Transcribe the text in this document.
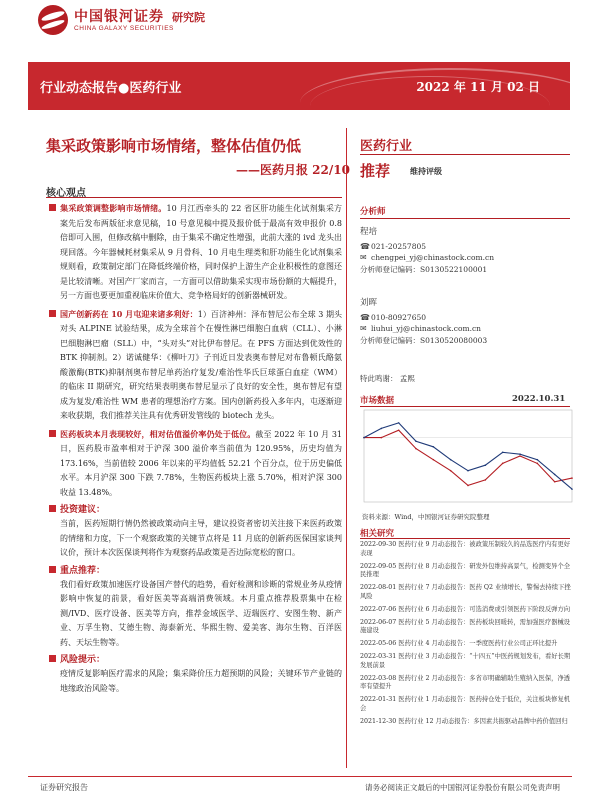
中国银河证券
CHINA GALAXY SECURITIES
研究院
行业动态报告●医药行业	2022 年 11 月 02 日
集采政策影响市场情绪，整体估值仍低
——医药月报 22/10
核心观点

集采政策调整影响市场情绪。10 月江西牵头的 22 省区肝功能生化试剂集采方案先后发布两版征求意见稿，10 号意见稿中提及报价低于最高有效申报价 0.8 倍即可入围，但修改稿中删除，由于集采不确定性增强，此前大涨的 ivd 龙头出现回落。今年器械耗材集采从 9 月骨科、10 月电生理类和肝功能生化试剂集采规则看，政策制定部门在降低终端价格，同时保护上游生产企业积极性的意图还是比较清晰。对国产厂家而言，一方面可以借助集采实现市场份额的大幅提升，另一方面也要更加重视临床价值大、竞争格局好的创新器械研发。

国产创新药在 10 月屯迎来诸多利好：1）百济神州：泽布替尼公布全球 3 期头对头 ALPINE 试验结果，成为全球首个在慢性淋巴细胞白血病（CLL）、小淋巴细胞淋巴瘤（SLL）中，“头对头”对比伊布替尼。在 PFS 方面达到优效性的 BTK 抑制剂。2）诺诚健华：《柳叶刀》子刊近日发表奥布替尼对布鲁顿氏酪氨酸激酶(BTK)抑制剂奥布替尼单药治疗复发/难治性华氏巨球蛋白血症（WM）的临床 II 期研究，研究结果表明奥布替尼显示了良好的安全性，奥布替尼有望成为复发/难治性 WM 患者的理想治疗方案。国内创新药投入多年内，屯逐渐迎来收获期，我们推荐关注具有优秀研发管线的 biotech 龙头。

医药板块本月表现较好，相对估值溢价率仍处于低位。截至 2022 年 10 月 31 日，医药股市盈率相对于沪深 300 溢价率当前值为 120.95%，历史均值为 173.16%，当前值较 2006 年以来的平均值低 52.21 个百分点，位于历史偏低水平。本月沪深 300 下跌 7.78%，生物医药板块上涨 5.70%，相对沪深 300 收益 13.48%。

投资建议：

当前，医药短期行情仍然被政策动向主导，建议投资者密切关注接下来医药政策的情绪和力度，下一个观察政策的关键节点将是 11 月底的创新药医保国家谈判议价，预计本次医保谈判将作为观察药品政策是否边际宽松的窗口。

重点推荐：

我们看好政策加速医疗设备国产替代的趋势，看好检测和诊断的常规业务从疫情影响中恢复的前景，看好医美等高端消费领域。本月重点推荐股票集中在检测/IVD、医疗设备、医美等方向，推荐金域医学、迈瑞医疗、安图生物、新产业、万孚生物、艾德生物、海泰新光、华熙生物、爱美客、海尔生物、百洋医药、天坛生物等。

风险提示：

疫情反复影响医疗需求的风险；集采降价压力超预期的风险；关键环节产业链的地缘政治风险等。

医药行业
推荐 维持评级
分析师
程培
☎021-20257805
✉ chengpei_yj@chinastock.com.cn
分析师登记编码：S0130522100001
刘晖
☎010-80927650
✉ liuhui_yj@chinastock.com.cn
分析师登记编码：S0130520080003
特此鸣谢： 孟熙
市场数据	2022.10.31
资料来源：Wind，中国银河证券研究院整理
相关研究
2022-09-30 医药行业 9 月动态报告：被政策压制较久的品选医疗内有更好表现
2022-09-05 医药行业 8 月动态报告：研发外包维持高景气，检测变异个全民推理
2022-08-01 医药行业 7 月动态报告：医药 Q2 业绩增长，警惕去持续下挫风险
2022-07-06 医药行业 6 月动态报告：可选消费或引领医药下阶段反弹方向
2022-06-07 医药行业 5 月动态报告：医药板块回暖转，需加强医疗器械设施建设
2022-05-06 医药行业 4 月动态报告：一季度医药行业公司正环比提升
2022-03-31 医药行业 3 月动态报告：“十四五”中医药规划发布，看好长期发展前景
2022-03-08 医药行业 2 月动态报告：多省市明确辅助生殖纳入医保，净透率有望提升
2022-01-31 医药行业 1 月动态报告：医药持仓处于低位，关注板块修复机会
2021-12-30 医药行业 12 月动态报告：多因素共振驱动品牌中药价值回归
证券研究报告	请务必阅读正文最后的中国银河证券股份有限公司免责声明
